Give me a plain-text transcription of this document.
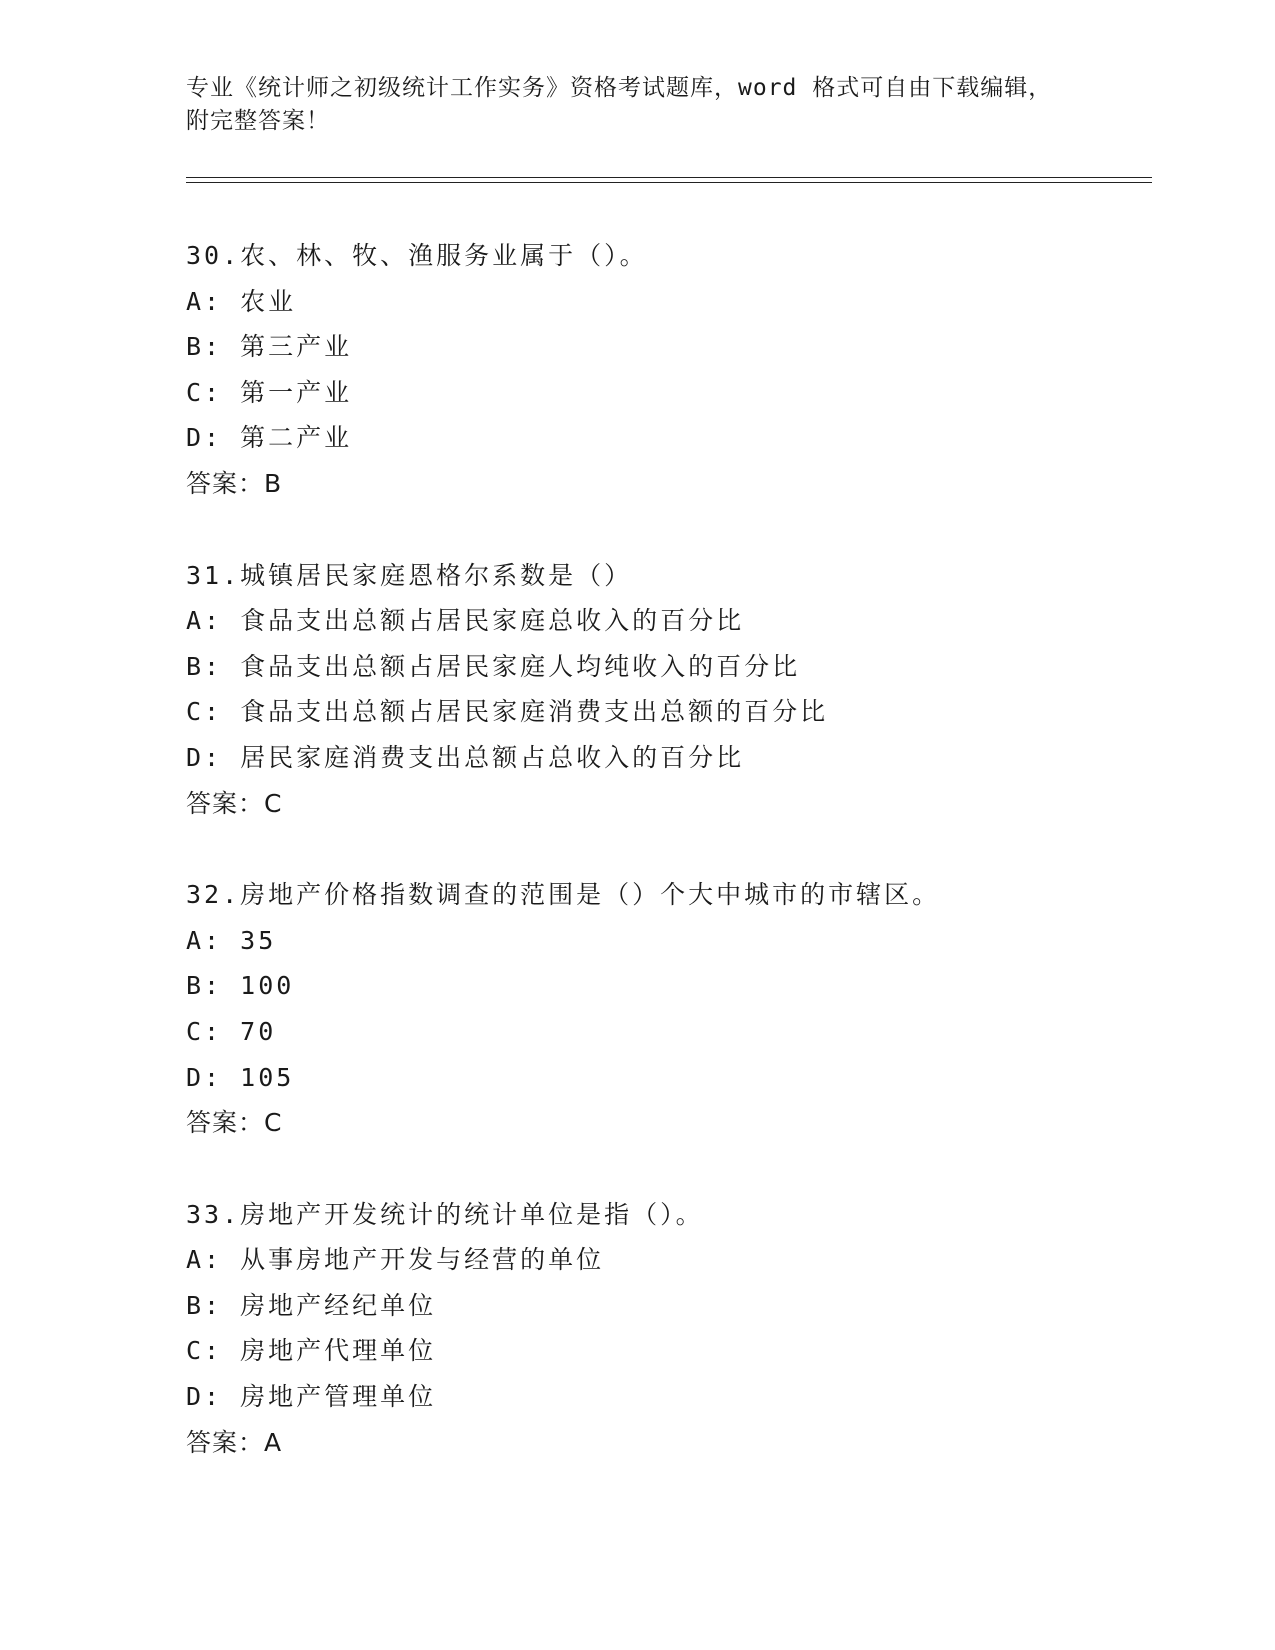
专业《统计师之初级统计工作实务》资格考试题库，word 格式可自由下载编辑，
附完整答案！
30.农、林、牧、渔服务业属于（）。
A: 农业
B: 第三产业
C: 第一产业
D: 第二产业
答案：B
31.城镇居民家庭恩格尔系数是（）
A: 食品支出总额占居民家庭总收入的百分比
B: 食品支出总额占居民家庭人均纯收入的百分比
C: 食品支出总额占居民家庭消费支出总额的百分比
D: 居民家庭消费支出总额占总收入的百分比
答案：C
32.房地产价格指数调查的范围是（）个大中城市的市辖区。
A: 35
B: 100
C: 70
D: 105
答案：C
33.房地产开发统计的统计单位是指（）。
A: 从事房地产开发与经营的单位
B: 房地产经纪单位
C: 房地产代理单位
D: 房地产管理单位
答案：A
